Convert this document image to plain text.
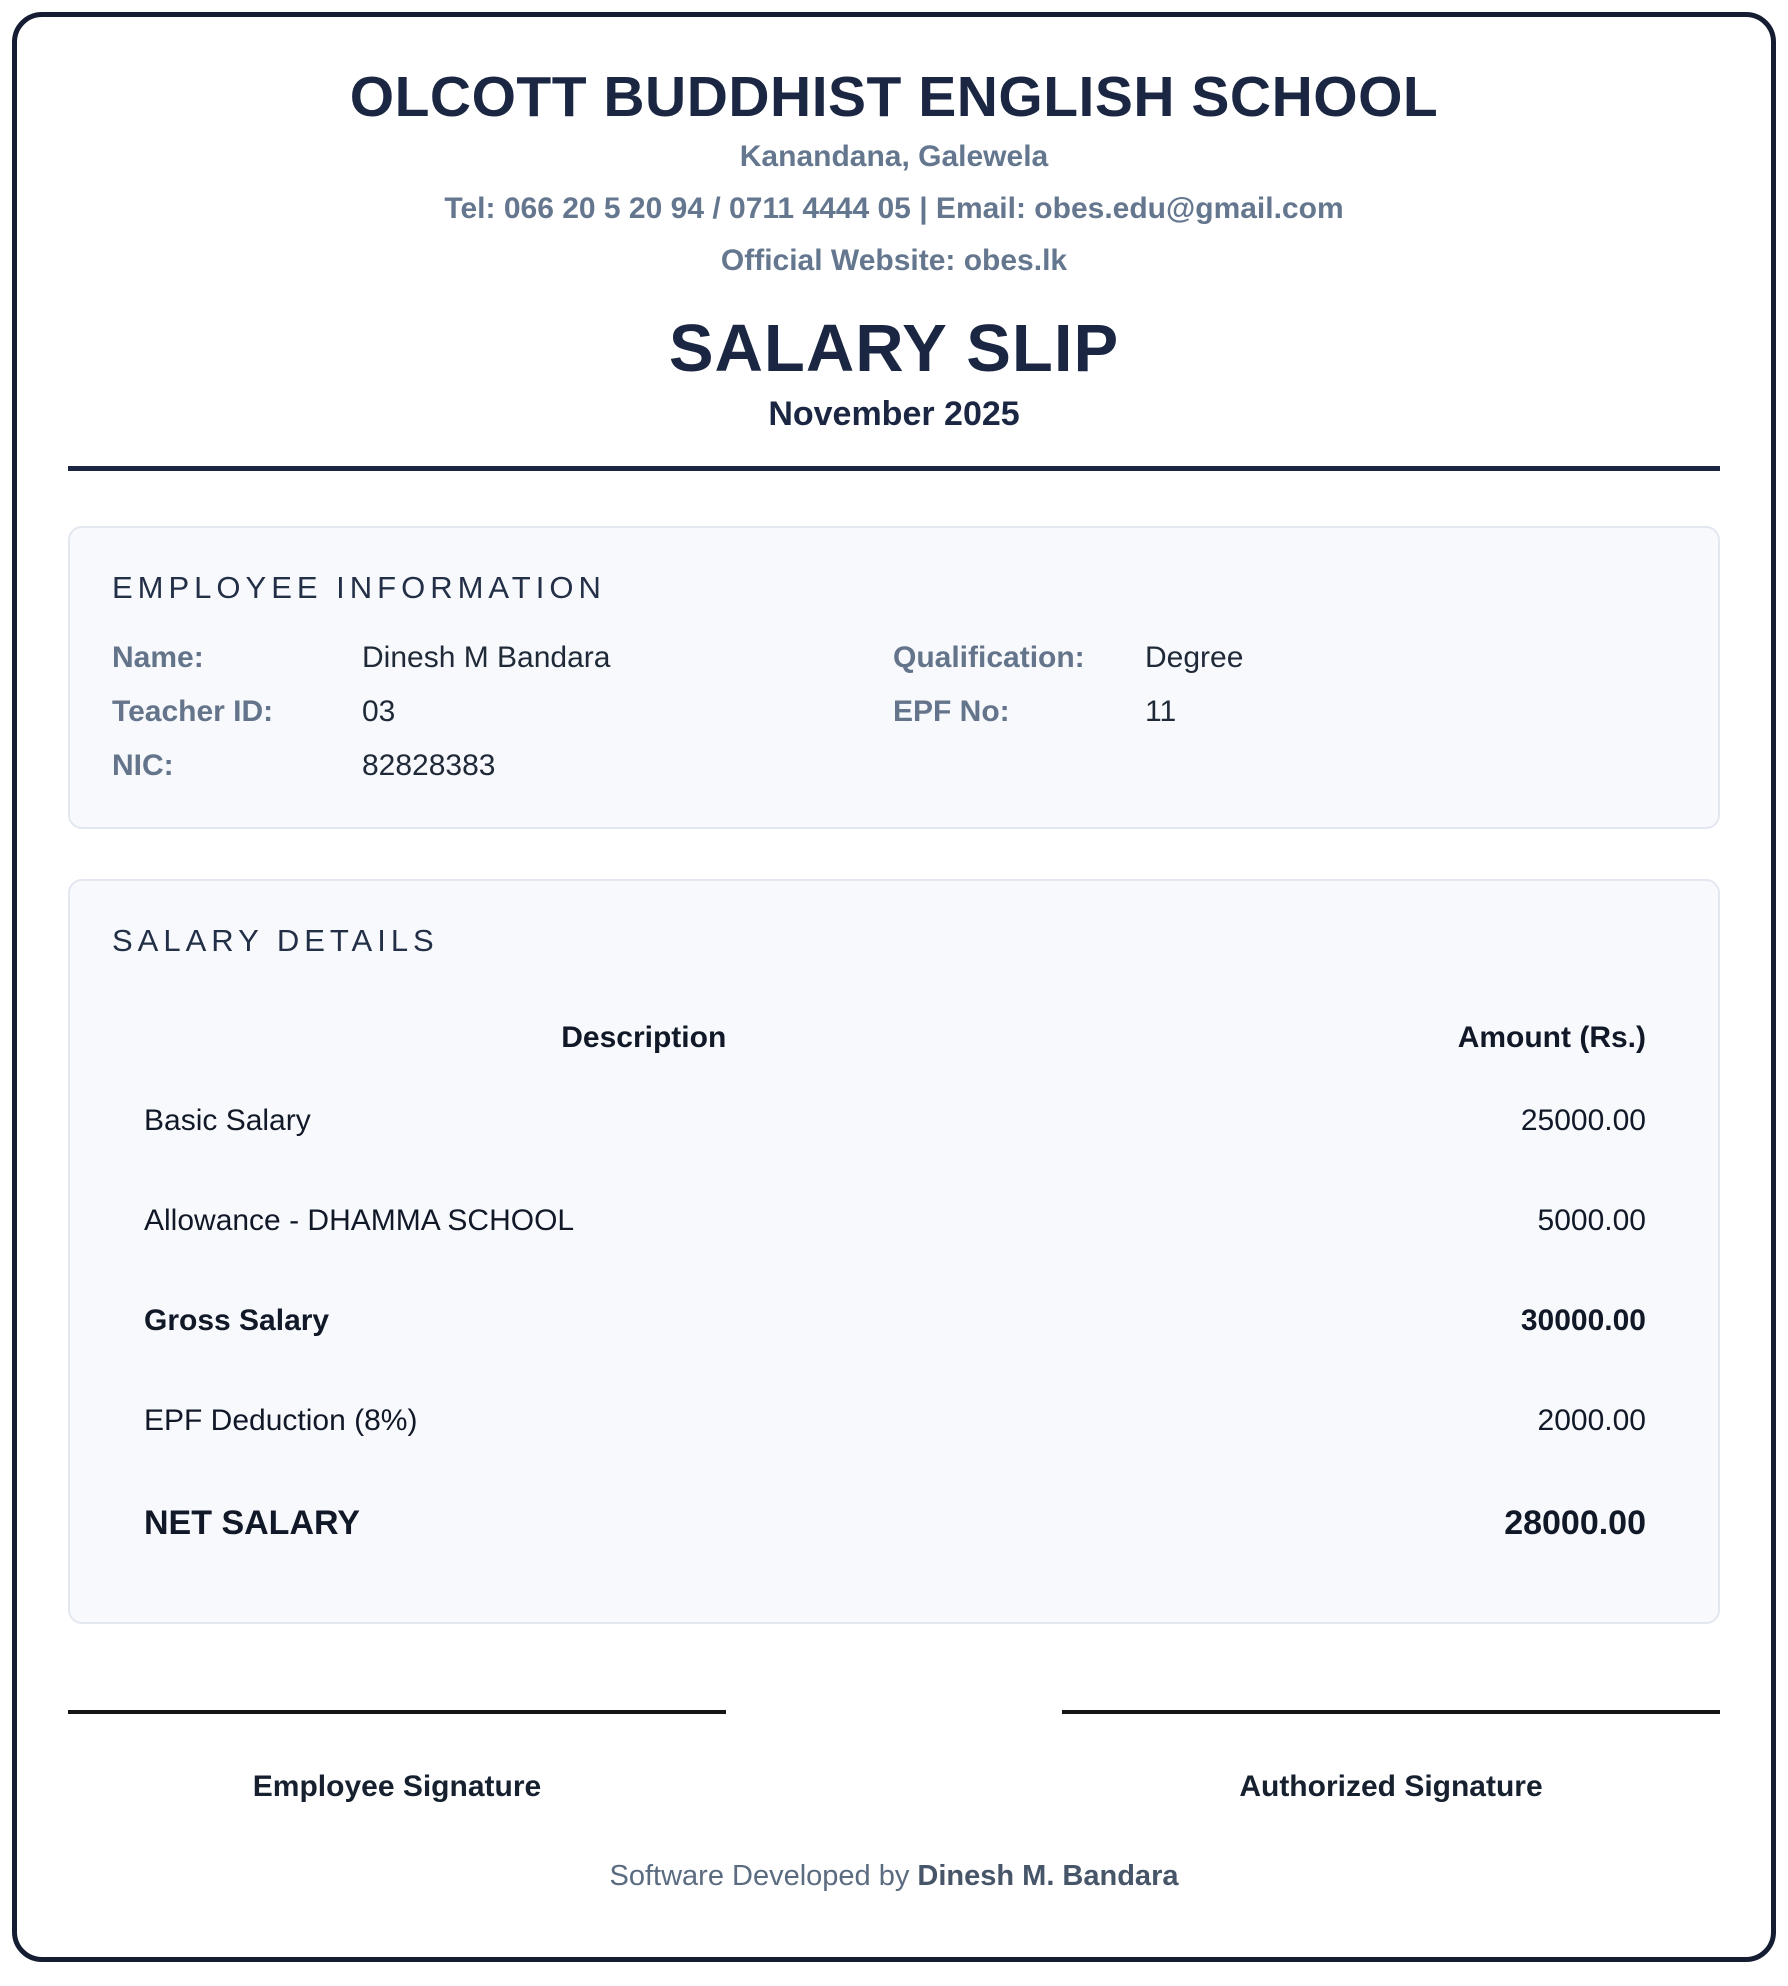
OLCOTT BUDDHIST ENGLISH SCHOOL
Kanandana, Galewela
Tel: 066 20 5 20 94 / 0711 4444 05 | Email: obes.edu@gmail.com
Official Website: obes.lk
SALARY SLIP
November 2025
EMPLOYEE INFORMATION
Name:	Dinesh M Bandara	Qualification:	Degree
Teacher ID:	03	EPF No:	11
NIC:	82828383
SALARY DETAILS
Description	Amount (Rs.)
Basic Salary	25000.00
Allowance - DHAMMA SCHOOL	5000.00
Gross Salary	30000.00
EPF Deduction (8%)	2000.00
NET SALARY	28000.00
Employee Signature	Authorized Signature
Software Developed by Dinesh M. Bandara
